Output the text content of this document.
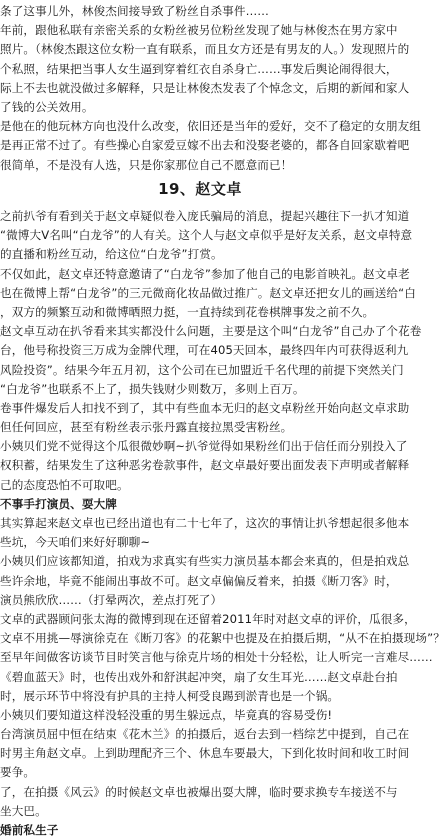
条了这事儿外，林俊杰间接导致了粉丝自杀事件……
年前，跟他私联有亲密关系的女粉丝被另位粉丝发现了她与林俊杰在男方家中
照片。（林俊杰跟这位女粉一直有联系，而且女方还是有男友的人。）发现照片的
个私照，结果把当事人女生逼到穿着红衣自杀身亡……事发后舆论闹得很大，
际上不去也就没做过多解释，只是让林俊杰发表了个悼念文，后期的新闻和家人
了钱的公关效用。
是他在的他玩林方向也没什么改变，依旧还是当年的爱好，交不了稳定的女朋友组
是再正常不过了。有些操心自家爱豆嫁不出去和没娶老婆的，都各自回家歇着吧
很简单，不是没有人选，只是你家那位自己不愿意而已！
19、赵文卓
之前扒爷有看到关于赵文卓疑似卷入庞氏骗局的消息，提起兴趣往下一扒才知道
“微博大V名叫“白龙爷”的人有关。这个人与赵文卓似乎是好友关系，赵文卓特意
的直播和粉丝互动，给这位“白龙爷”打赏。
不仅如此，赵文卓还特意邀请了“白龙爷”参加了他自己的电影首映礼。赵文卓老
也在微博上帮“白龙爷”的三元微商化妆品做过推广。赵文卓还把女儿的画送给“白
，双方的频繁互动和微博晒照力挺，一直持续到花卷棋牌事发之前不久。
赵文卓互动在扒爷看来其实都没什么问题，主要是这个叫“白龙爷”自己办了个花卷
台，他号称投资三万成为金牌代理，可在405天回本，最终四年内可获得返利九
风险投资”。结果今年五月初，这个公司在已加盟近千名代理的前提下突然关门
“白龙爷”也联系不上了，损失钱财少则数万，多则上百万。
卷事件爆发后人扣找不到了，其中有些血本无归的赵文卓粉丝开始向赵文卓求助
但任何回应，甚至有粉丝表示张丹露直接拉黑受害粉丝。
小姨贝们党不觉得这个瓜很微妙啊~扒爷觉得如果粉丝们出于信任而分别投入了
权积蓄，结果发生了这种恶劣卷款事件，赵文卓最好要出面发表下声明或者解释
己的态度恐怕不可取吧。
不事手打演员、耍大牌
其实算起来赵文卓也已经出道也有二十七年了，这次的事情让扒爷想起很多他本
些坑，今天咱们来好好聊聊~
小姨贝们应该都知道，拍戏为求真实有些实力演员基本都会来真的，但是拍戏总
些许余地，毕竟不能闹出事故不可。赵文卓偏偏反着来，拍摄《断刀客》时，
演员熊欣欣……（打晕两次，差点打死了）
文卓的武器顾问张太海的微博到现在还留着2011年时对赵文卓的评价，瓜很多，
文卓不用挑—辱演徐克在《断刀客》的花絮中也提及在拍摄后期，“从不在拍摄现场”？
至早年间做客访谈节目时笑言他与徐克片场的相处十分轻松，让人听完一言难尽……
《碧血蓝天》时，也传出戏外和舒淇起冲突，扇了女生耳光……赵文卓赴台拍
时，展示环节中将没有护具的主持人柯受良踢到淤青也是一个锅。
小姨贝们要知道这样没轻没重的男生躲远点，毕竟真的容易受伤!
台湾演员屈中恒在结束《花木兰》的拍摄后，返台去到一档综艺中提到，自己在
时男主角赵文卓。上到助理配齐三个、休息车要最大，下到化妆时间和收工时间
要争。
了，在拍摄《风云》的时候赵文卓也被爆出耍大牌，临时要求换专车接送不与
坐大巴。
婚前私生子
